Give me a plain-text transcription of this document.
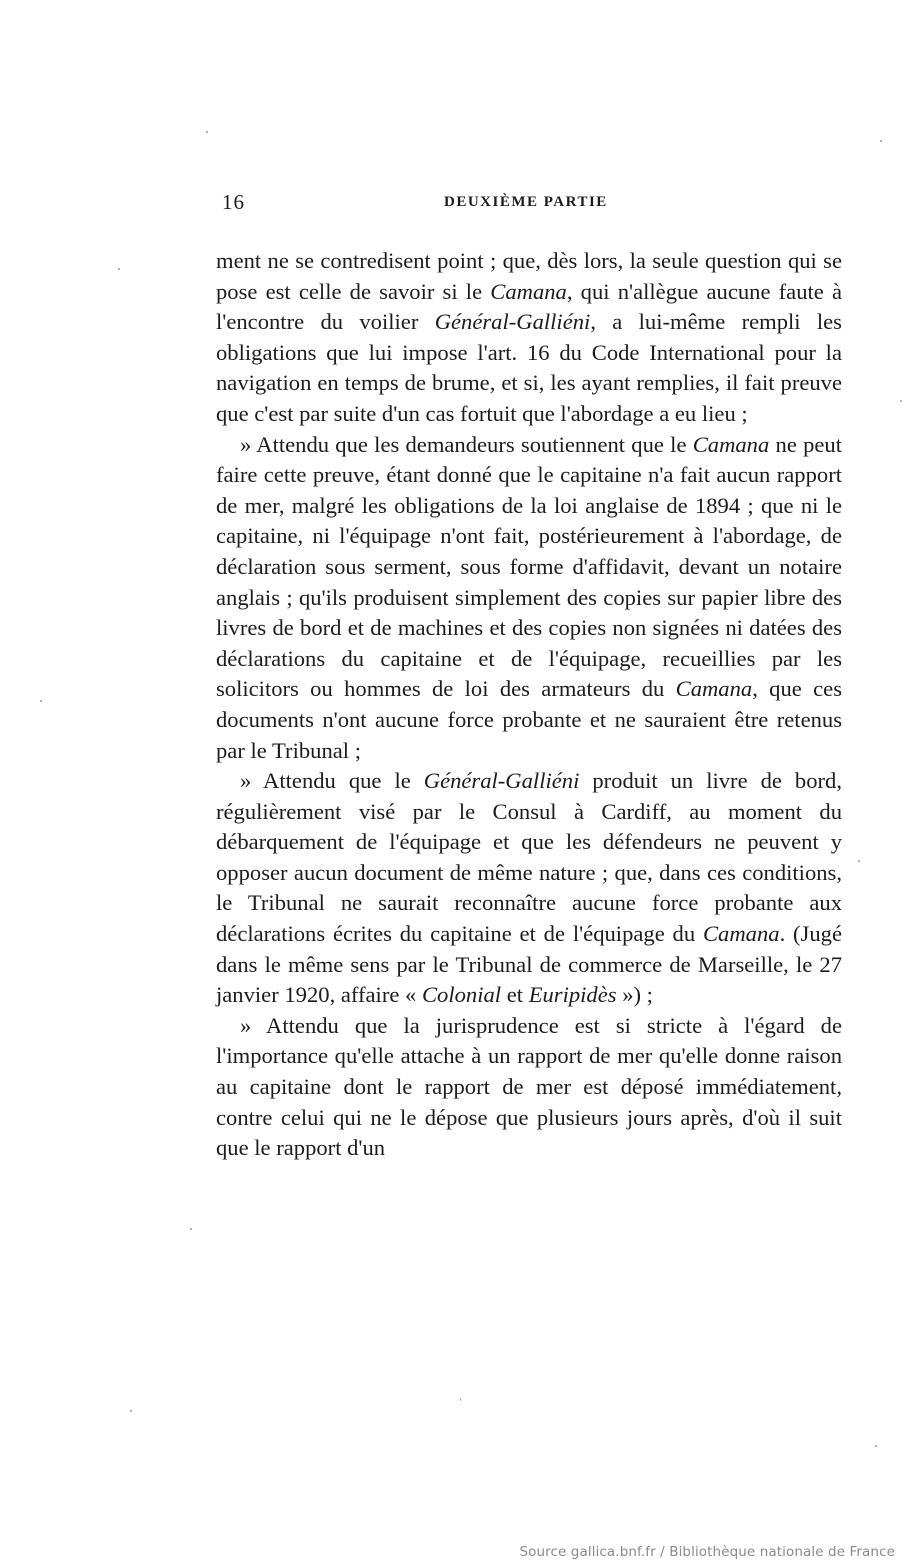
16	DEUXIÈME PARTIE

ment ne se contredisent point ; que, dès lors, la seule question qui se pose est celle de savoir si le Camana, qui n'allègue aucune faute à l'encontre du voilier Général-Galliéni, a lui-même rempli les obligations que lui impose l'art. 16 du Code International pour la navigation en temps de brume, et si, les ayant remplies, il fait preuve que c'est par suite d'un cas fortuit que l'abordage a eu lieu ;

» Attendu que les demandeurs soutiennent que le Camana ne peut faire cette preuve, étant donné que le capitaine n'a fait aucun rapport de mer, malgré les obligations de la loi anglaise de 1894 ; que ni le capitaine, ni l'équipage n'ont fait, postérieurement à l'abordage, de déclaration sous serment, sous forme d'affidavit, devant un notaire anglais ; qu'ils produisent simplement des copies sur papier libre des livres de bord et de machines et des copies non signées ni datées des déclarations du capitaine et de l'équipage, recueillies par les solicitors ou hommes de loi des armateurs du Camana, que ces documents n'ont aucune force probante et ne sauraient être retenus par le Tribunal ;

» Attendu que le Général-Galliéni produit un livre de bord, régulièrement visé par le Consul à Cardiff, au moment du débarquement de l'équipage et que les défendeurs ne peuvent y opposer aucun document de même nature ; que, dans ces conditions, le Tribunal ne saurait reconnaître aucune force probante aux déclarations écrites du capitaine et de l'équipage du Camana. (Jugé dans le même sens par le Tribunal de commerce de Marseille, le 27 janvier 1920, affaire « Colonial et Euripidès ») ;

» Attendu que la jurisprudence est si stricte à l'égard de l'importance qu'elle attache à un rapport de mer qu'elle donne raison au capitaine dont le rapport de mer est déposé immédiatement, contre celui qui ne le dépose que plusieurs jours après, d'où il suit que le rapport d'un

Source gallica.bnf.fr / Bibliothèque nationale de France
